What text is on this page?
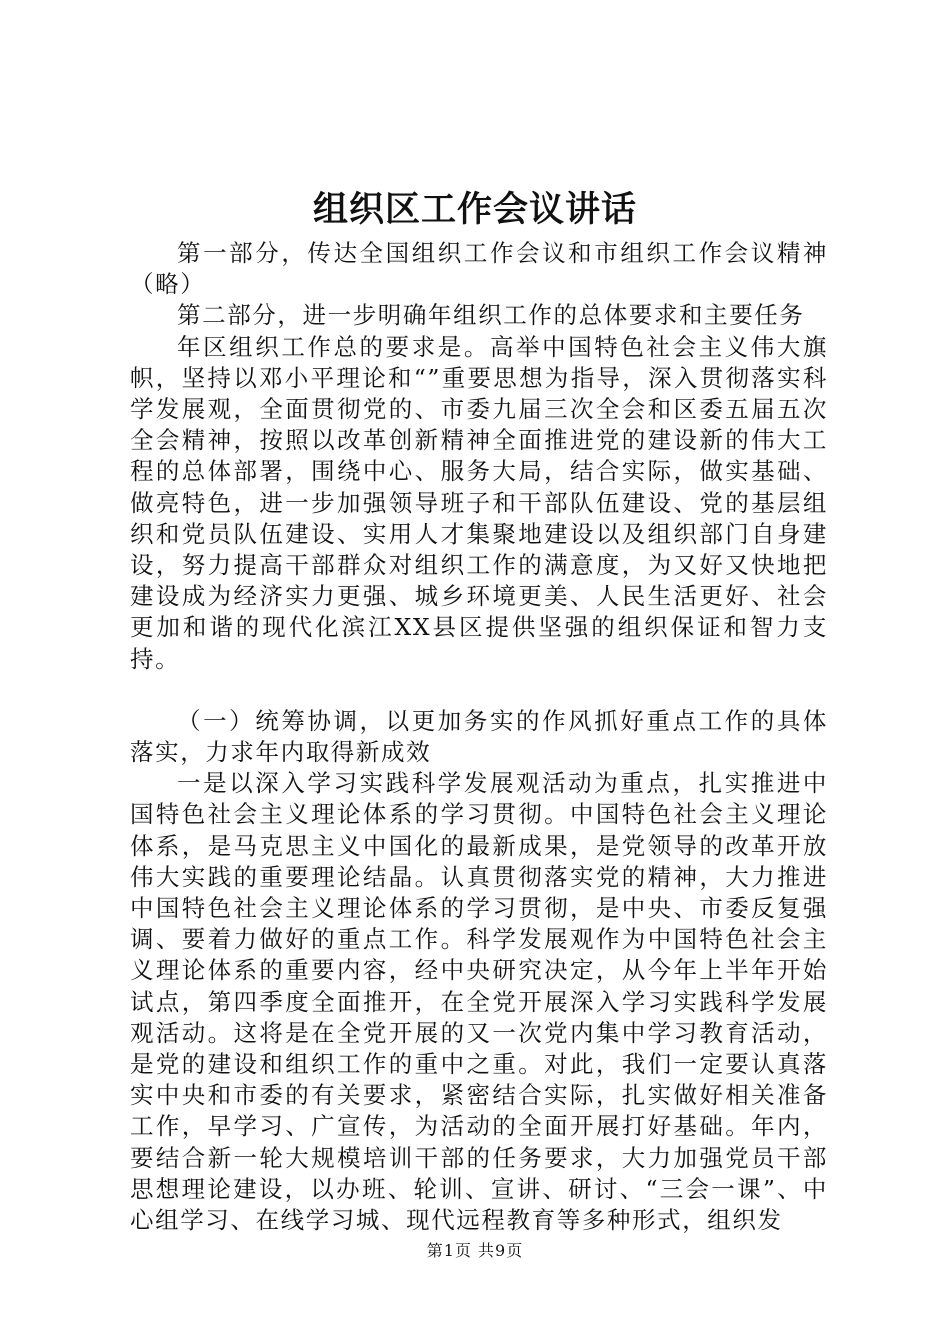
组织区工作会议讲话

第一部分，传达全国组织工作会议和市组织工作会议精神（略）

第二部分，进一步明确年组织工作的总体要求和主要任务

年区组织工作总的要求是。高举中国特色社会主义伟大旗帜，坚持以邓小平理论和“”重要思想为指导，深入贯彻落实科学发展观，全面贯彻党的、市委九届三次全会和区委五届五次全会精神，按照以改革创新精神全面推进党的建设新的伟大工程的总体部署，围绕中心、服务大局，结合实际，做实基础、做亮特色，进一步加强领导班子和干部队伍建设、党的基层组织和党员队伍建设、实用人才集聚地建设以及组织部门自身建设，努力提高干部群众对组织工作的满意度，为又好又快地把建设成为经济实力更强、城乡环境更美、人民生活更好、社会更加和谐的现代化滨江XX县区提供坚强的组织保证和智力支持。

（一）统筹协调，以更加务实的作风抓好重点工作的具体落实，力求年内取得新成效

一是以深入学习实践科学发展观活动为重点，扎实推进中国特色社会主义理论体系的学习贯彻。中国特色社会主义理论体系，是马克思主义中国化的最新成果，是党领导的改革开放伟大实践的重要理论结晶。认真贯彻落实党的精神，大力推进中国特色社会主义理论体系的学习贯彻，是中央、市委反复强调、要着力做好的重点工作。科学发展观作为中国特色社会主义理论体系的重要内容，经中央研究决定，从今年上半年开始试点，第四季度全面推开，在全党开展深入学习实践科学发展观活动。这将是在全党开展的又一次党内集中学习教育活动，是党的建设和组织工作的重中之重。对此，我们一定要认真落实中央和市委的有关要求，紧密结合实际，扎实做好相关准备工作，早学习、广宣传，为活动的全面开展打好基础。年内，要结合新一轮大规模培训干部的任务要求，大力加强党员干部思想理论建设，以办班、轮训、宣讲、研讨、“三会一课”、中心组学习、在线学习城、现代远程教育等多种形式，组织发

第1页 共9页
